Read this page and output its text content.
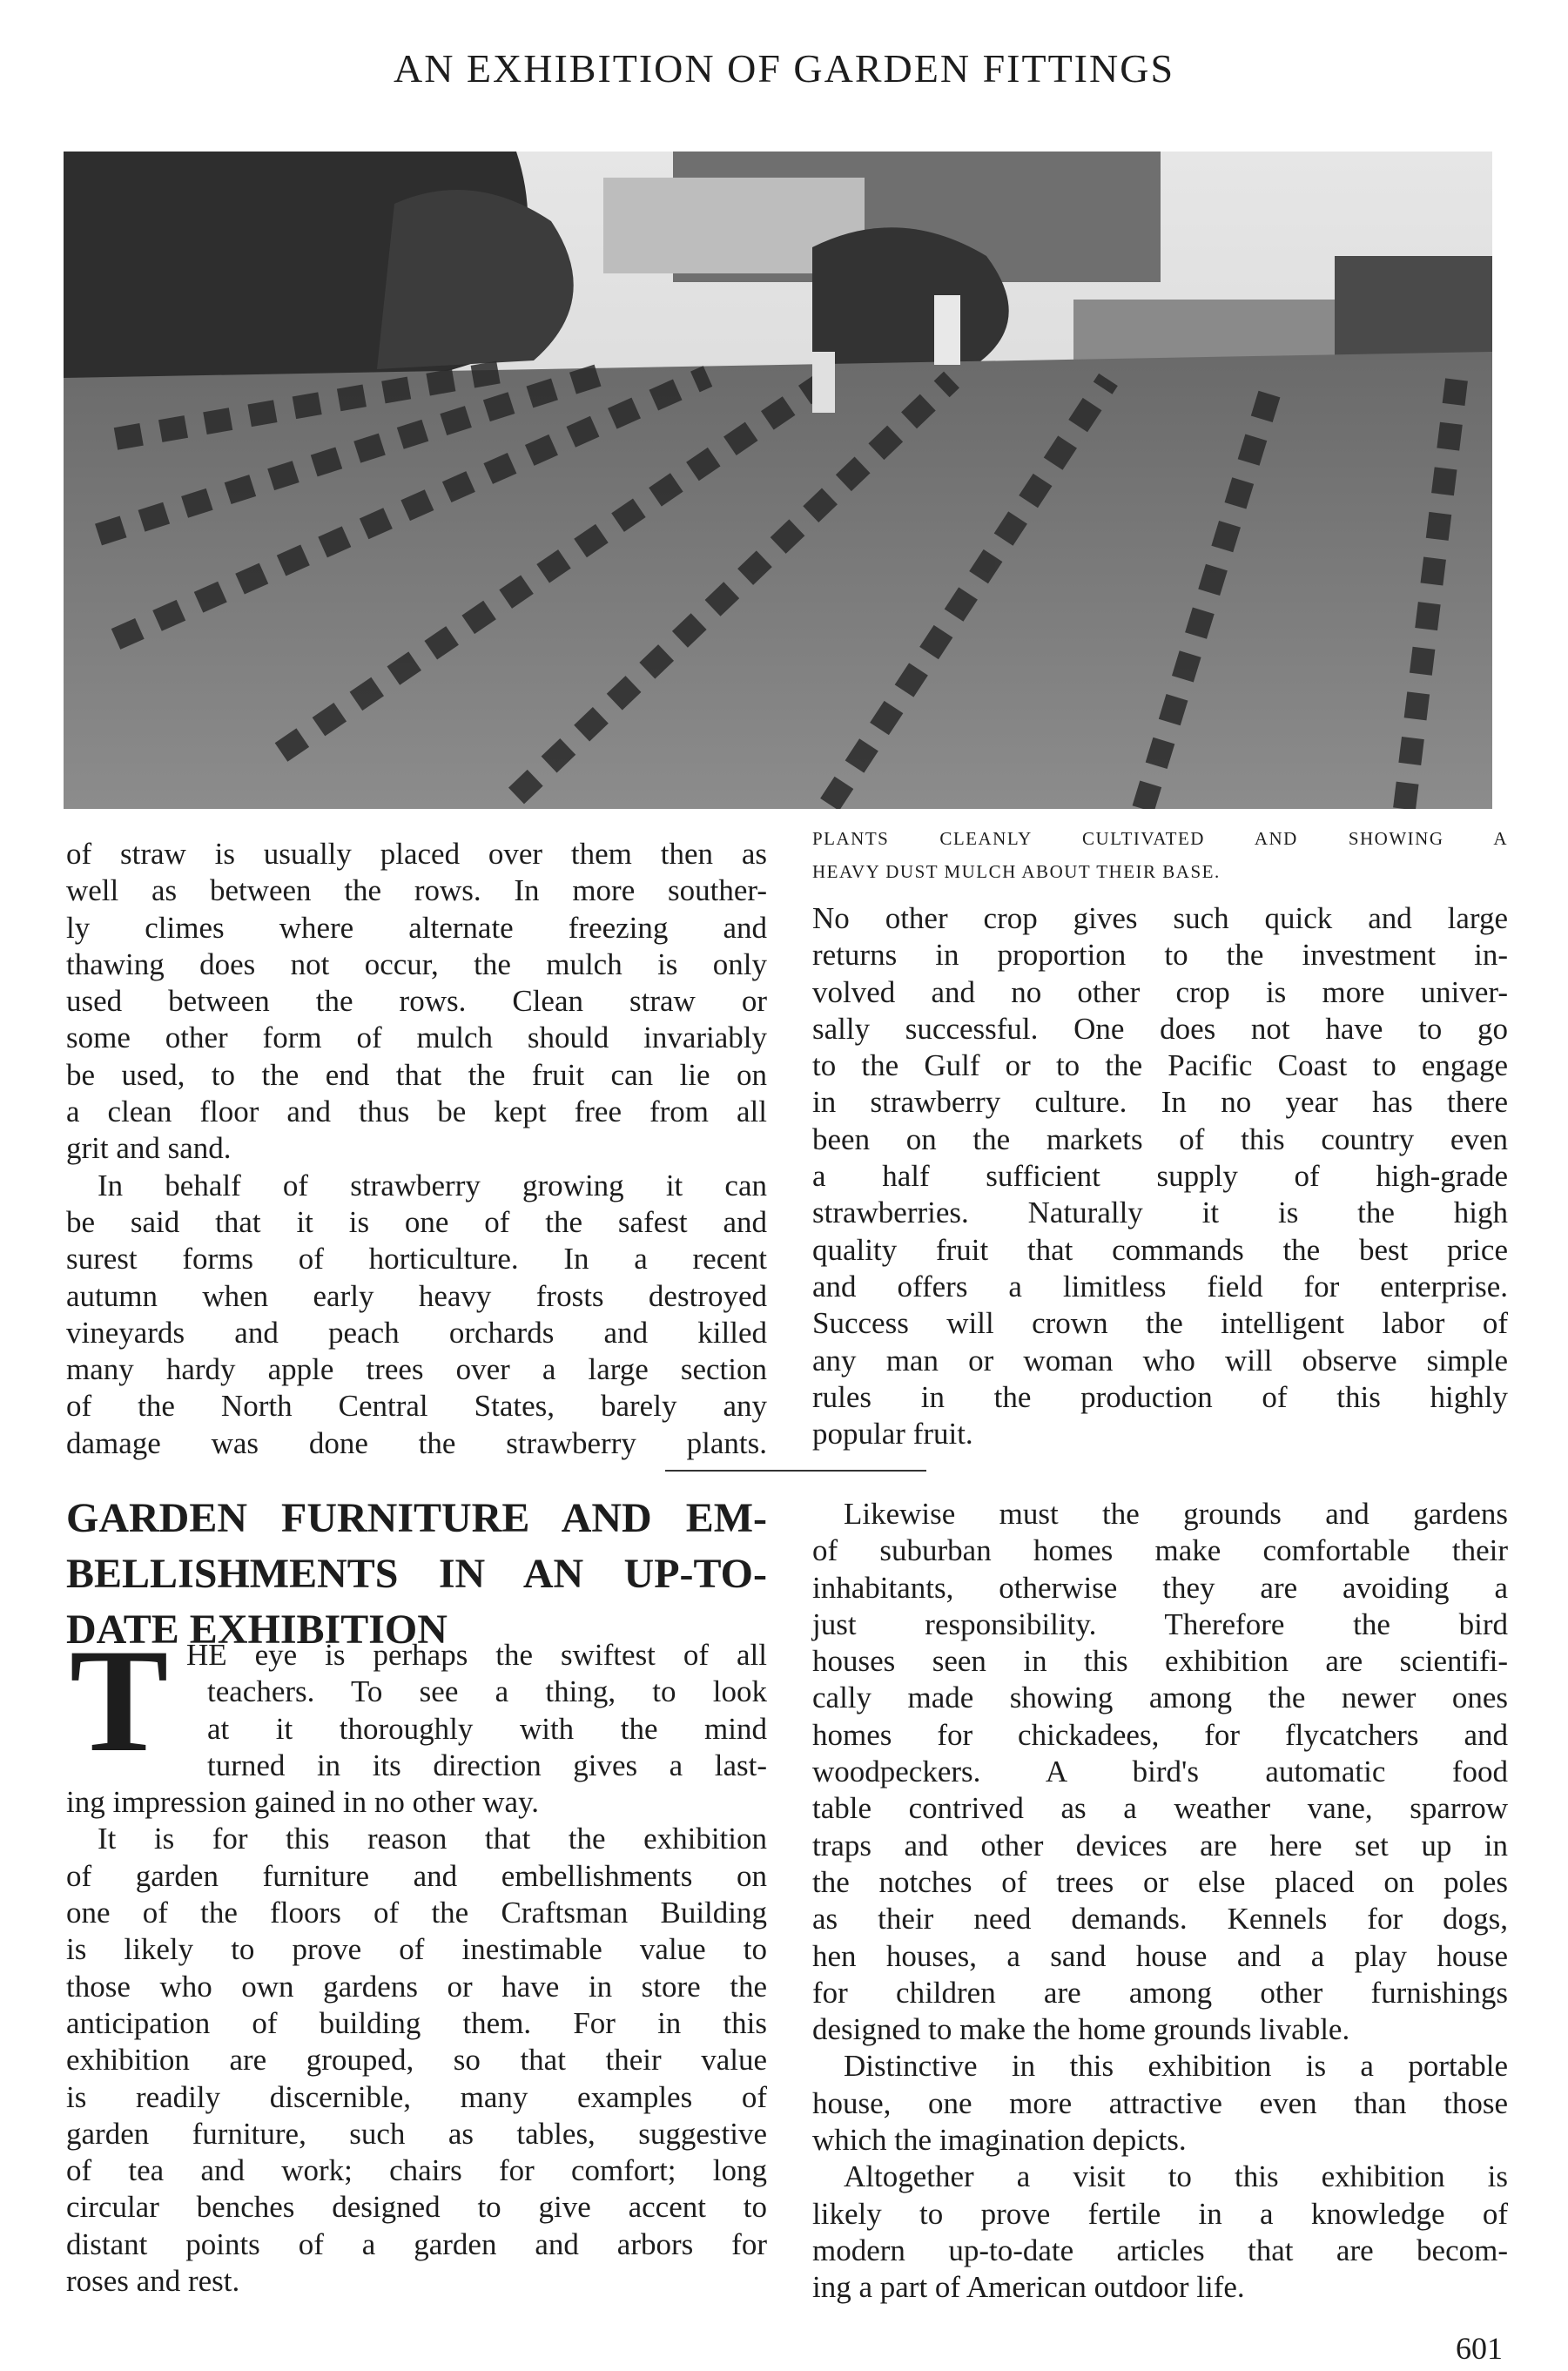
AN EXHIBITION OF GARDEN FITTINGS
of straw is usually placed over them then as
well as between the rows. In more souther-
ly climes where alternate freezing and
thawing does not occur, the mulch is only
used between the rows. Clean straw or
some other form of mulch should invariably
be used, to the end that the fruit can lie on
a clean floor and thus be kept free from all
grit and sand.
In behalf of strawberry growing it can
be said that it is one of the safest and
surest forms of horticulture. In a recent
autumn when early heavy frosts destroyed
vineyards and peach orchards and killed
many hardy apple trees over a large section
of the North Central States, barely any
damage was done the strawberry plants.
PLANTS CLEANLY CULTIVATED AND SHOWING A
HEAVY DUST MULCH ABOUT THEIR BASE.
No other crop gives such quick and large
returns in proportion to the investment in-
volved and no other crop is more univer-
sally successful. One does not have to go
to the Gulf or to the Pacific Coast to engage
in strawberry culture. In no year has there
been on the markets of this country even
a half sufficient supply of high-grade
strawberries. Naturally it is the high
quality fruit that commands the best price
and offers a limitless field for enterprise.
Success will crown the intelligent labor of
any man or woman who will observe simple
rules in the production of this highly
popular fruit.
GARDEN FURNITURE AND EM-
BELLISHMENTS IN AN UP-TO-
DATE EXHIBITION
T HE eye is perhaps the swiftest of all
teachers. To see a thing, to look
at it thoroughly with the mind
turned in its direction gives a last-
ing impression gained in no other way.
It is for this reason that the exhibition
of garden furniture and embellishments on
one of the floors of the Craftsman Building
is likely to prove of inestimable value to
those who own gardens or have in store the
anticipation of building them. For in this
exhibition are grouped, so that their value
is readily discernible, many examples of
garden furniture, such as tables, suggestive
of tea and work; chairs for comfort; long
circular benches designed to give accent to
distant points of a garden and arbors for
roses and rest.
Likewise must the grounds and gardens
of suburban homes make comfortable their
inhabitants, otherwise they are avoiding a
just responsibility. Therefore the bird
houses seen in this exhibition are scientifi-
cally made showing among the newer ones
homes for chickadees, for flycatchers and
woodpeckers. A bird's automatic food
table contrived as a weather vane, sparrow
traps and other devices are here set up in
the notches of trees or else placed on poles
as their need demands. Kennels for dogs,
hen houses, a sand house and a play house
for children are among other furnishings
designed to make the home grounds livable.
Distinctive in this exhibition is a portable
house, one more attractive even than those
which the imagination depicts.
Altogether a visit to this exhibition is
likely to prove fertile in a knowledge of
modern up-to-date articles that are becom-
ing a part of American outdoor life.
601
